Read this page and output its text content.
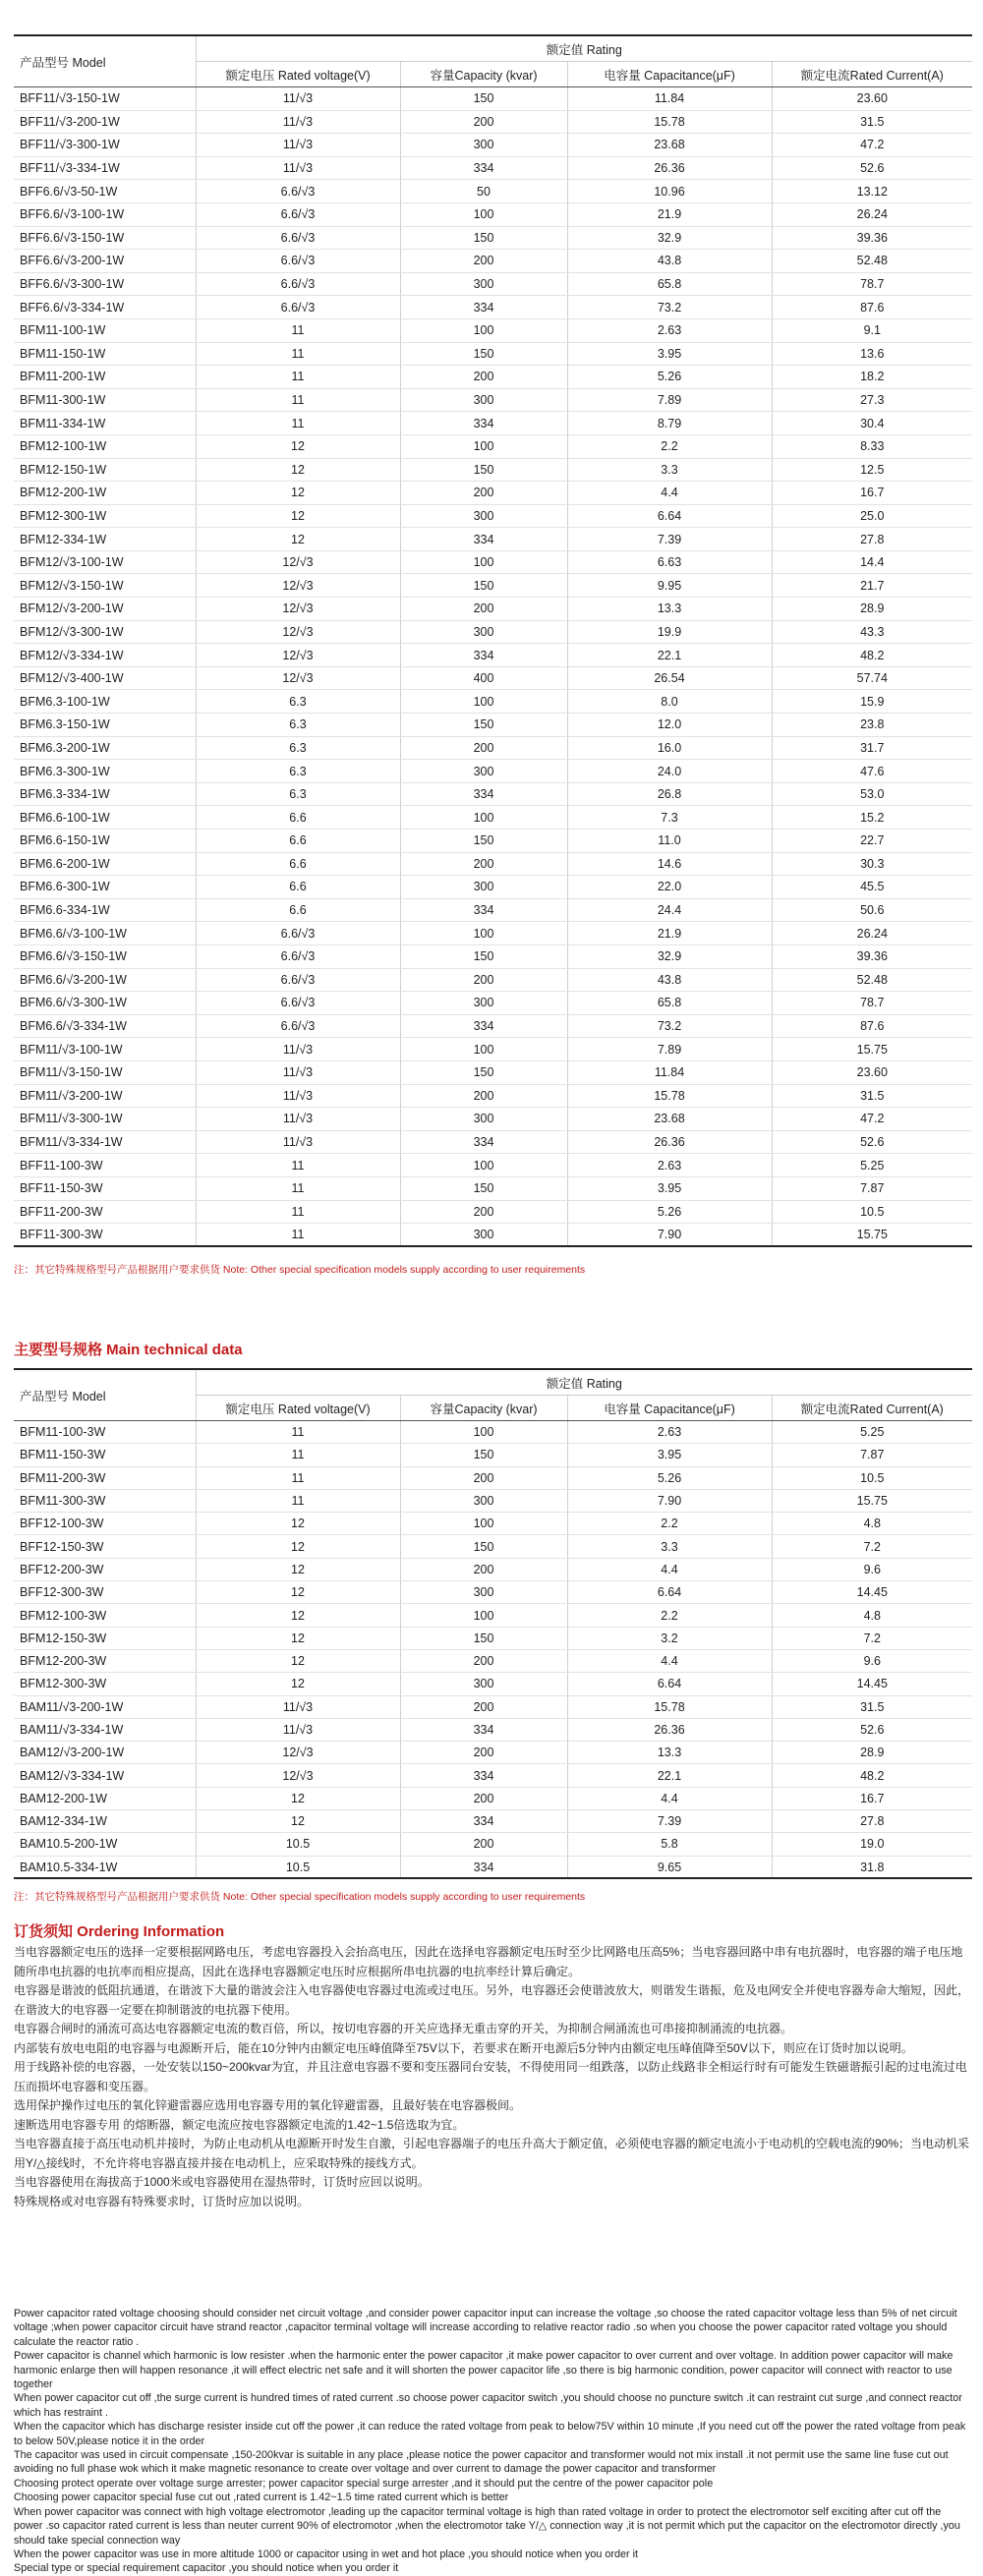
产品型号 Model	额定值 Rating			
	额定电压 Rated voltage(V)	容量Capacity (kvar)	电容量 Capacitance(μF)	额定电流Rated Current(A)
BFF11/√3-150-1W	11/√3	150	11.84	23.60
BFF11/√3-200-1W	11/√3	200	15.78	31.5
BFF11/√3-300-1W	11/√3	300	23.68	47.2
BFF11/√3-334-1W	11/√3	334	26.36	52.6
BFF6.6/√3-50-1W	6.6/√3	50	10.96	13.12
BFF6.6/√3-100-1W	6.6/√3	100	21.9	26.24
BFF6.6/√3-150-1W	6.6/√3	150	32.9	39.36
BFF6.6/√3-200-1W	6.6/√3	200	43.8	52.48
BFF6.6/√3-300-1W	6.6/√3	300	65.8	78.7
BFF6.6/√3-334-1W	6.6/√3	334	73.2	87.6
BFM11-100-1W	11	100	2.63	9.1
BFM11-150-1W	11	150	3.95	13.6
BFM11-200-1W	11	200	5.26	18.2
BFM11-300-1W	11	300	7.89	27.3
BFM11-334-1W	11	334	8.79	30.4
BFM12-100-1W	12	100	2.2	8.33
BFM12-150-1W	12	150	3.3	12.5
BFM12-200-1W	12	200	4.4	16.7
BFM12-300-1W	12	300	6.64	25.0
BFM12-334-1W	12	334	7.39	27.8
BFM12/√3-100-1W	12/√3	100	6.63	14.4
BFM12/√3-150-1W	12/√3	150	9.95	21.7
BFM12/√3-200-1W	12/√3	200	13.3	28.9
BFM12/√3-300-1W	12/√3	300	19.9	43.3
BFM12/√3-334-1W	12/√3	334	22.1	48.2
BFM12/√3-400-1W	12/√3	400	26.54	57.74
BFM6.3-100-1W	6.3	100	8.0	15.9
BFM6.3-150-1W	6.3	150	12.0	23.8
BFM6.3-200-1W	6.3	200	16.0	31.7
BFM6.3-300-1W	6.3	300	24.0	47.6
BFM6.3-334-1W	6.3	334	26.8	53.0
BFM6.6-100-1W	6.6	100	7.3	15.2
BFM6.6-150-1W	6.6	150	11.0	22.7
BFM6.6-200-1W	6.6	200	14.6	30.3
BFM6.6-300-1W	6.6	300	22.0	45.5
BFM6.6-334-1W	6.6	334	24.4	50.6
BFM6.6/√3-100-1W	6.6/√3	100	21.9	26.24
BFM6.6/√3-150-1W	6.6/√3	150	32.9	39.36
BFM6.6/√3-200-1W	6.6/√3	200	43.8	52.48
BFM6.6/√3-300-1W	6.6/√3	300	65.8	78.7
BFM6.6/√3-334-1W	6.6/√3	334	73.2	87.6
BFM11/√3-100-1W	11/√3	100	7.89	15.75
BFM11/√3-150-1W	11/√3	150	11.84	23.60
BFM11/√3-200-1W	11/√3	200	15.78	31.5
BFM11/√3-300-1W	11/√3	300	23.68	47.2
BFM11/√3-334-1W	11/√3	334	26.36	52.6
BFF11-100-3W	11	100	2.63	5.25
BFF11-150-3W	11	150	3.95	7.87
BFF11-200-3W	11	200	5.26	10.5
BFF11-300-3W	11	300	7.90	15.75
注：其它特殊规格型号产品根据用户要求供货 Note: Other special specification models supply according to user requirements
主要型号规格 Main technical data
产品型号 Model	额定值 Rating			
	额定电压 Rated voltage(V)	容量Capacity (kvar)	电容量 Capacitance(μF)	额定电流Rated Current(A)
BFM11-100-3W	11	100	2.63	5.25
BFM11-150-3W	11	150	3.95	7.87
BFM11-200-3W	11	200	5.26	10.5
BFM11-300-3W	11	300	7.90	15.75
BFF12-100-3W	12	100	2.2	4.8
BFF12-150-3W	12	150	3.3	7.2
BFF12-200-3W	12	200	4.4	9.6
BFF12-300-3W	12	300	6.64	14.45
BFM12-100-3W	12	100	2.2	4.8
BFM12-150-3W	12	150	3.2	7.2
BFM12-200-3W	12	200	4.4	9.6
BFM12-300-3W	12	300	6.64	14.45
BAM11/√3-200-1W	11/√3	200	15.78	31.5
BAM11/√3-334-1W	11/√3	334	26.36	52.6
BAM12/√3-200-1W	12/√3	200	13.3	28.9
BAM12/√3-334-1W	12/√3	334	22.1	48.2
BAM12-200-1W	12	200	4.4	16.7
BAM12-334-1W	12	334	7.39	27.8
BAM10.5-200-1W	10.5	200	5.8	19.0
BAM10.5-334-1W	10.5	334	9.65	31.8
注：其它特殊规格型号产品根据用户要求供货 Note: Other special specification models supply according to user requirements
订货须知 Ordering Information

当电容器额定电压的选择一定要根据网路电压，考虑电容器投入会抬高电压，因此在选择电容器额定电压时至少比网路电压高5%；当电容器回路中串有电抗器时，电容器的端子电压地随所串电抗器的电抗率而相应提高，因此在选择电容器额定电压时应根据所串电抗器的电抗率经计算后确定。

电容器是谐波的低阻抗通道，在谐波下大量的谐波会注入电容器使电容器过电流或过电压。另外，电容器还会使谐波放大，则谐发生谐振，危及电网安全并使电容器寿命大缩短，因此，在谐波大的电容器一定要在抑制谐波的电抗器下使用。

电容器合闸时的涌流可高达电容器额定电流的数百倍，所以，按切电容器的开关应选择无重击穿的开关，为抑制合闸涌流也可串接抑制涌流的电抗器。

内部装有放电电阻的电容器与电源断开后，能在10分钟内由额定电压峰值降至75V以下，若要求在断开电源后5分钟内由额定电压峰值降至50V以下，则应在订货时加以说明。

用于线路补偿的电容器，一处安装以150~200kvar为宜，并且注意电容器不要和变压器同台安装，不得使用同一组跌落，以防止线路非全相运行时有可能发生铁磁谐振引起的过电流过电压而损坏电容器和变压器。

选用保护操作过电压的氧化锌避雷器应选用电容器专用的氧化锌避雷器，且最好装在电容器极间。

速断选用电容器专用 的熔断器，额定电流应按电容器额定电流的1.42~1.5倍选取为宜。

当电容器直接于高压电动机并接时，为防止电动机从电源断开时发生自激，引起电容器端子的电压升高大于额定值，必须使电容器的额定电流小于电动机的空载电流的90%；当电动机采用Y/△接线时，不允许将电容器直接并接在电动机上，应采取特殊的接线方式。

当电容器使用在海拔高于1000米或电容器使用在湿热带时，订货时应回以说明。

特殊规格或对电容器有特殊要求时，订货时应加以说明。

Power capacitor rated voltage choosing should consider net circuit voltage ,and consider power capacitor input can increase the voltage ,so choose the rated capacitor voltage less than 5% of net circuit voltage ;when power capacitor circuit have strand reactor ,capacitor terminal voltage will increase according to relative reactor radio .so when you choose the power capacitor rated voltage you should calculate the reactor ratio .

Power capacitor is channel which harmonic is low resister .when the harmonic enter the power capacitor ,it make power capacitor to over current and over voltage. In addition power capacitor will make harmonic enlarge then will happen resonance ,it will effect electric net safe and it will shorten the power capacitor life ,so there is big harmonic condition, power capacitor will connect with reactor to use together

When power capacitor cut off ,the surge current is hundred times of rated current .so choose power capacitor switch ,you should choose no puncture switch .it can restraint cut surge ,and connect reactor which has restraint .

When the capacitor which has discharge resister inside cut off the power ,it can reduce the rated voltage from peak to below75V within 10 minute ,If you need cut off the power the rated voltage from peak to below 50V,please notice it in the order

The capacitor was used in circuit compensate ,150-200kvar is suitable in any place ,please notice the power capacitor and transformer would not mix install .it not permit use the same line fuse cut out avoiding no full phase wok which it make magnetic resonance to create over voltage and over current to damage the power capacitor and transformer

Choosing protect operate over voltage surge arrester; power capacitor special surge arrester ,and it should put the centre of the power capacitor pole

Choosing power capacitor special fuse cut out ,rated current is 1.42~1.5 time rated current which is better

When power capacitor was connect with high voltage electromotor ,leading up the capacitor terminal voltage is high than rated voltage in order to protect the electromotor self exciting after cut off the power .so capacitor rated current is less than neuter current 90% of electromotor ,when the electromotor take Y/△ connection way ,it is not permit which put the capacitor on the electromotor directly ,you should take special connection way

When the power capacitor was use in more altitude 1000 or capacitor using in wet and hot place ,you should notice when you order it

Special type or special requirement capacitor ,you should notice when you order it
